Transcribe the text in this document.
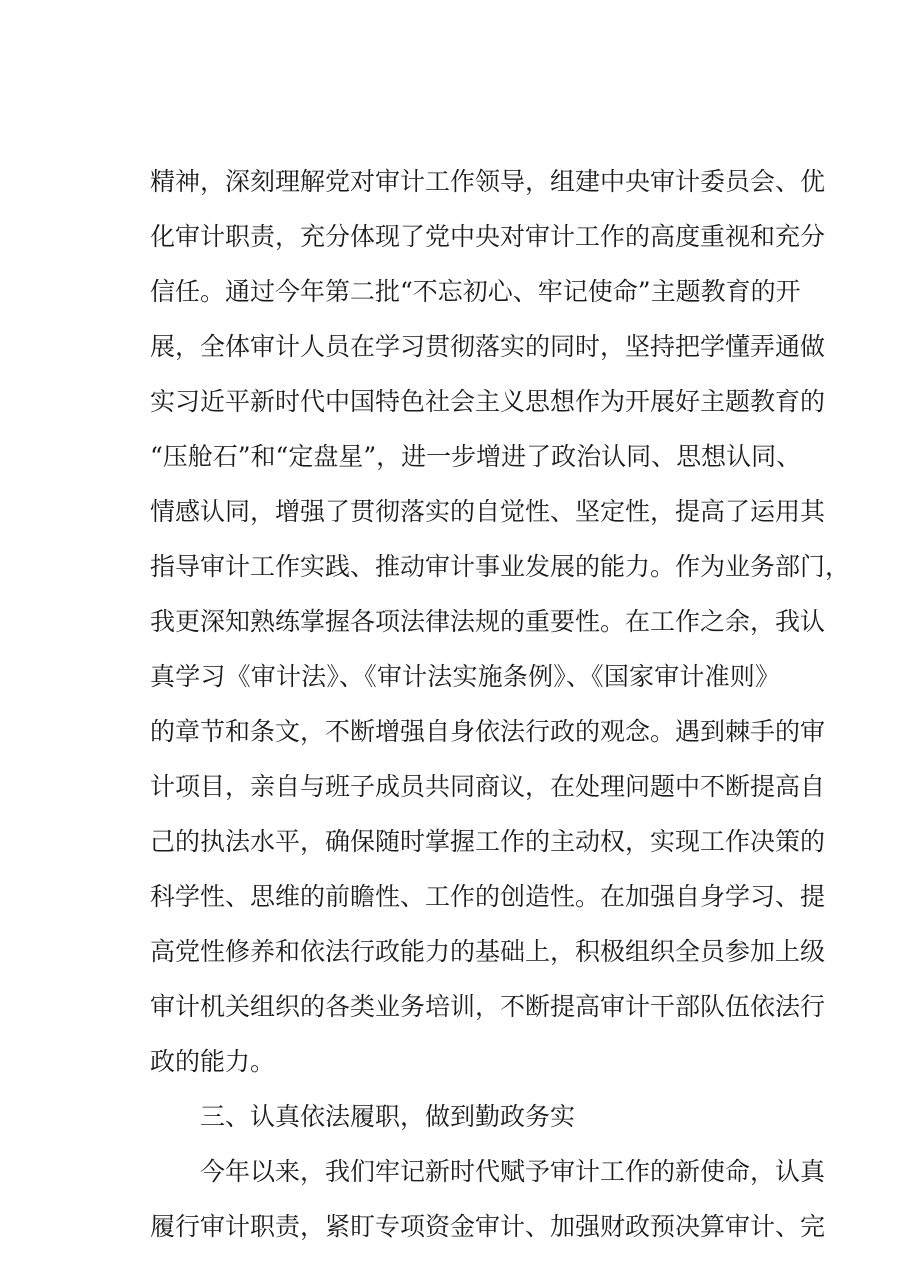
精神，深刻理解党对审计工作领导，组建中央审计委员会、优
化审计职责，充分体现了党中央对审计工作的高度重视和充分
信任。通过今年第二批“不忘初心、牢记使命”主题教育的开
展，全体审计人员在学习贯彻落实的同时，坚持把学懂弄通做
实习近平新时代中国特色社会主义思想作为开展好主题教育的
“压舱石”和“定盘星”，进一步增进了政治认同、思想认同、
情感认同，增强了贯彻落实的自觉性、坚定性，提高了运用其
指导审计工作实践、推动审计事业发展的能力。作为业务部门，
我更深知熟练掌握各项法律法规的重要性。在工作之余，我认
真学习《审计法》、《审计法实施条例》、《国家审计准则》
的章节和条文，不断增强自身依法行政的观念。遇到棘手的审
计项目，亲自与班子成员共同商议，在处理问题中不断提高自
己的执法水平，确保随时掌握工作的主动权，实现工作决策的
科学性、思维的前瞻性、工作的创造性。在加强自身学习、提
高党性修养和依法行政能力的基础上，积极组织全员参加上级
审计机关组织的各类业务培训，不断提高审计干部队伍依法行
政的能力。
三、认真依法履职，做到勤政务实
今年以来，我们牢记新时代赋予审计工作的新使命，认真
履行审计职责，紧盯专项资金审计、加强财政预决算审计、完
